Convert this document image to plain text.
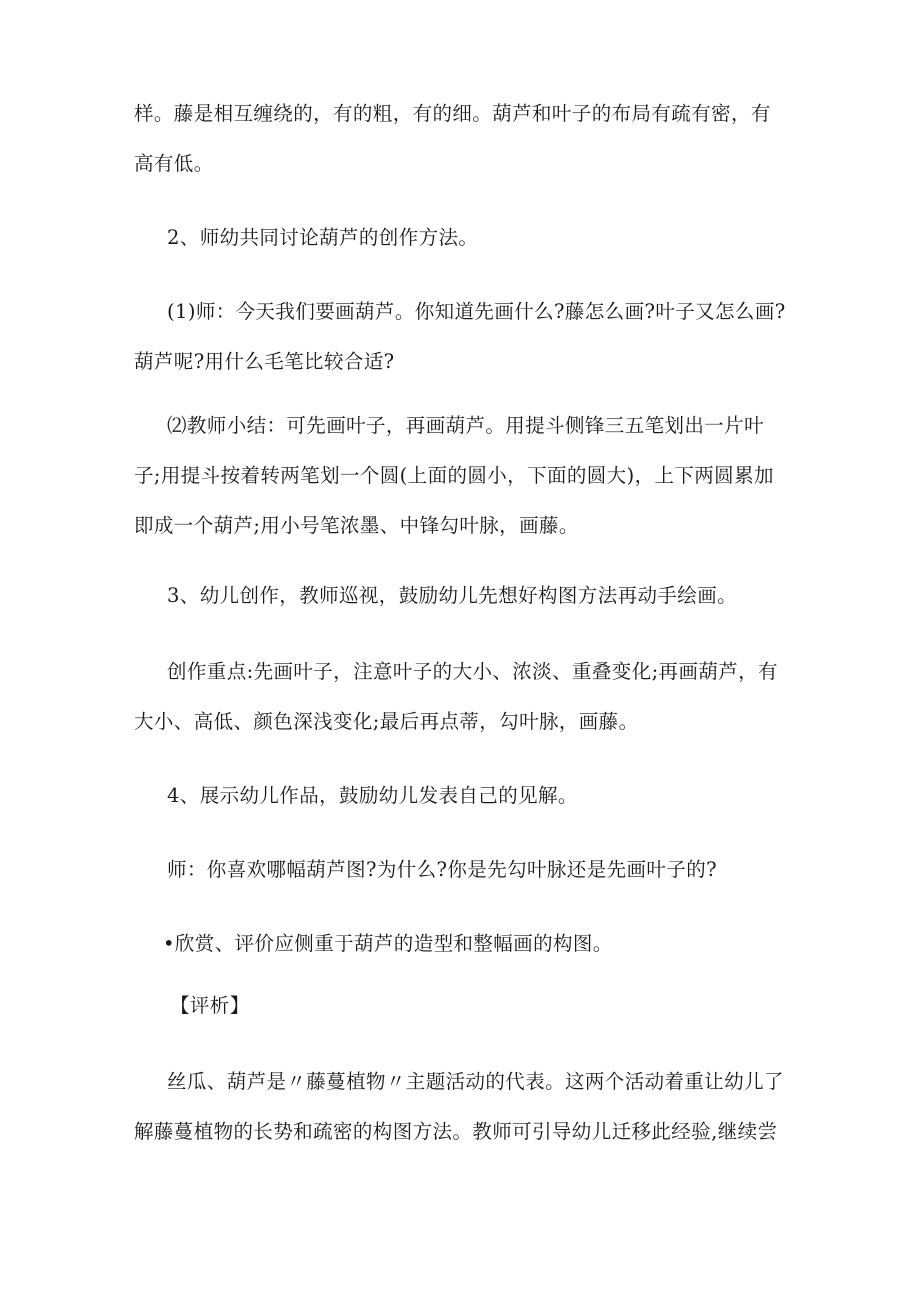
样。藤是相互缠绕的，有的粗，有的细。葫芦和叶子的布局有疏有密，有

高有低。

2、师幼共同讨论葫芦的创作方法。

(1)师：今天我们要画葫芦。你知道先画什么?藤怎么画?叶子又怎么画?

葫芦呢?用什么毛笔比较合适?

⑵教师小结：可先画叶子，再画葫芦。用提斗侧锋三五笔划出一片叶

子;用提斗按着转两笔划一个圆(上面的圆小，下面的圆大)，上下两圆累加

即成一个葫芦;用小号笔浓墨、中锋勾叶脉，画藤。

3、幼儿创作，教师巡视，鼓励幼儿先想好构图方法再动手绘画。

创作重点:先画叶子，注意叶子的大小、浓淡、重叠变化;再画葫芦，有

大小、高低、颜色深浅变化;最后再点蒂，勾叶脉，画藤。

4、展示幼儿作品，鼓励幼儿发表自己的见解。

师：你喜欢哪幅葫芦图?为什么?你是先勾叶脉还是先画叶子的?

•欣赏、评价应侧重于葫芦的造型和整幅画的构图。

【评析】

丝瓜、葫芦是〃藤蔓植物〃主题活动的代表。这两个活动着重让幼儿了

解藤蔓植物的长势和疏密的构图方法。教师可引导幼儿迁移此经验,继续尝
